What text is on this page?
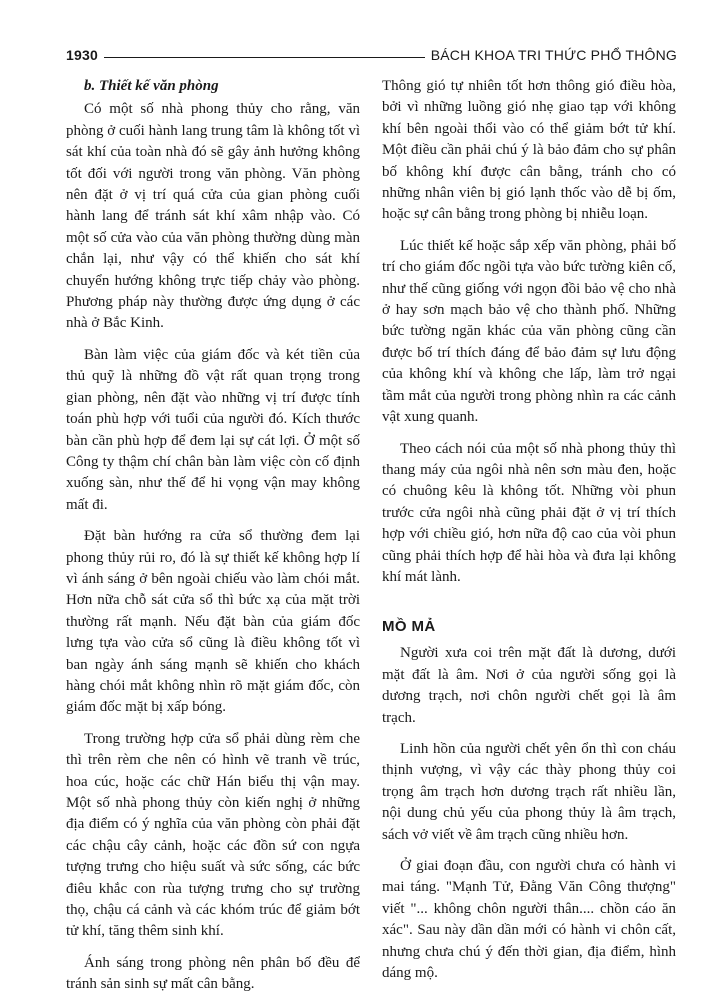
1930	BÁCH KHOA TRI THỨC PHỔ THÔNG
b. Thiết kế văn phòng

Có một số nhà phong thủy cho rằng, văn phòng ở cuối hành lang trung tâm là không tốt vì sát khí của toàn nhà đó sẽ gây ảnh hưởng không tốt đối với người trong văn phòng. Văn phòng nên đặt ở vị trí quá cửa của gian phòng cuối hành lang để tránh sát khí xâm nhập vào. Có một số cửa vào của văn phòng thường dùng màn chắn lại, như vậy có thể khiến cho sát khí chuyển hướng không trực tiếp chảy vào phòng. Phương pháp này thường được ứng dụng ở các nhà ở Bắc Kinh.

Bàn làm việc của giám đốc và két tiền của thủ quỹ là những đồ vật rất quan trọng trong gian phòng, nên đặt vào những vị trí được tính toán phù hợp với tuổi của người đó. Kích thước bàn cần phù hợp để đem lại sự cát lợi. Ở một số Công ty thậm chí chân bàn làm việc còn cố định xuống sàn, như thế để hi vọng vận may không mất đi.

Đặt bàn hướng ra cửa sổ thường đem lại phong thủy rủi ro, đó là sự thiết kế không hợp lí vì ánh sáng ở bên ngoài chiếu vào làm chói mắt. Hơn nữa chỗ sát cửa sổ thì bức xạ của mặt trời thường rất mạnh. Nếu đặt bàn của giám đốc lưng tựa vào cửa sổ cũng là điều không tốt vì ban ngày ánh sáng mạnh sẽ khiến cho khách hàng chói mắt không nhìn rõ mặt giám đốc, còn giám đốc mặt bị xấp bóng.

Trong trường hợp cửa sổ phải dùng rèm che thì trên rèm che nên có hình vẽ tranh về trúc, hoa cúc, hoặc các chữ Hán biểu thị vận may. Một số nhà phong thủy còn kiến nghị ở những địa điểm có ý nghĩa của văn phòng còn phải đặt các chậu cây cảnh, hoặc các đồn sứ con ngựa tượng trưng cho hiệu suất và sức sống, các bức điêu khắc con rùa tượng trưng cho sự trường thọ, chậu cá cảnh và các khóm trúc để giảm bớt tử khí, tăng thêm sinh khí.

Ánh sáng trong phòng nên phân bố đều để tránh sản sinh sự mất cân bằng.

Thông gió tự nhiên tốt hơn thông gió điều hòa, bởi vì những luồng gió nhẹ giao tạp với không khí bên ngoài thổi vào có thể giảm bớt tử khí. Một điều cần phải chú ý là bảo đảm cho sự phân bố không khí được cân bằng, tránh cho có những nhân viên bị gió lạnh thốc vào dễ bị ốm, hoặc sự cân bằng trong phòng bị nhiễu loạn.

Lúc thiết kế hoặc sắp xếp văn phòng, phải bố trí cho giám đốc ngồi tựa vào bức tường kiên cố, như thế cũng giống với ngọn đồi bảo vệ cho nhà ở hay sơn mạch bảo vệ cho thành phố. Những bức tường ngăn khác của văn phòng cũng cần được bố trí thích đáng để bảo đảm sự lưu động của không khí và không che lấp, làm trở ngại tầm mắt của người trong phòng nhìn ra các cảnh vật xung quanh.

Theo cách nói của một số nhà phong thủy thì thang máy của ngôi nhà nên sơn màu đen, hoặc có chuông kêu là không tốt. Những vòi phun trước cửa ngôi nhà cũng phải đặt ở vị trí thích hợp với chiều gió, hơn nữa độ cao của vòi phun cũng phải thích hợp để hài hòa và đưa lại không khí mát lành.

MỒ MẢ

Người xưa coi trên mặt đất là dương, dưới mặt đất là âm. Nơi ở của người sống gọi là dương trạch, nơi chôn người chết gọi là âm trạch.

Linh hồn của người chết yên ổn thì con cháu thịnh vượng, vì vậy các thày phong thủy coi trọng âm trạch hơn dương trạch rất nhiều lần, nội dung chủ yếu của phong thủy là âm trạch, sách vở viết về âm trạch cũng nhiều hơn.

Ở giai đoạn đầu, con người chưa có hành vi mai táng. "Mạnh Tử, Đằng Văn Công thượng" viết "... không chôn người thân.... chồn cáo ăn xác". Sau này dần dần mới có hành vi chôn cất, nhưng chưa chú ý đến thời gian, địa điểm, hình dáng mộ.
